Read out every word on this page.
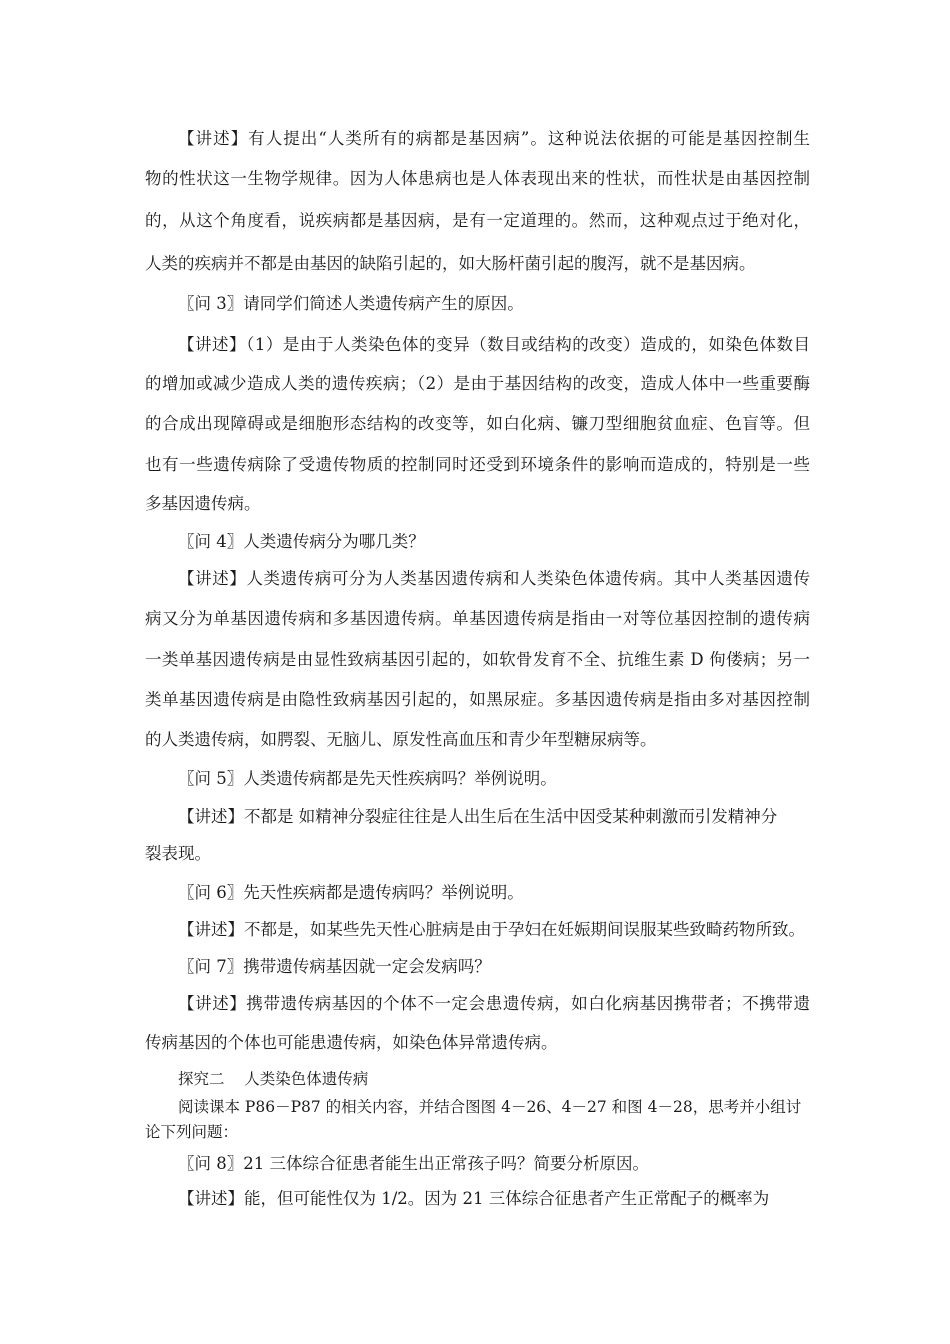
【讲述】有人提出“人类所有的病都是基因病”。这种说法依据的可能是基因控制生
物的性状这一生物学规律。因为人体患病也是人体表现出来的性状，而性状是由基因控制
的，从这个角度看，说疾病都是基因病，是有一定道理的。然而，这种观点过于绝对化，
人类的疾病并不都是由基因的缺陷引起的，如大肠杆菌引起的腹泻，就不是基因病。
〖问 3〗请同学们简述人类遗传病产生的原因。
【讲述】（1）是由于人类染色体的变异（数目或结构的改变）造成的，如染色体数目
的增加或减少造成人类的遗传疾病；（2）是由于基因结构的改变，造成人体中一些重要酶
的合成出现障碍或是细胞形态结构的改变等，如白化病、镰刀型细胞贫血症、色盲等。但
也有一些遗传病除了受遗传物质的控制同时还受到环境条件的影响而造成的，特别是一些
多基因遗传病。
〖问 4〗人类遗传病分为哪几类？
【讲述】人类遗传病可分为人类基因遗传病和人类染色体遗传病。其中人类基因遗传
病又分为单基因遗传病和多基因遗传病。单基因遗传病是指由一对等位基因控制的遗传病
一类单基因遗传病是由显性致病基因引起的，如软骨发育不全、抗维生素 D 佝偻病；另一
类单基因遗传病是由隐性致病基因引起的，如黑尿症。多基因遗传病是指由多对基因控制
的人类遗传病，如腭裂、无脑儿、原发性高血压和青少年型糖尿病等。
〖问 5〗人类遗传病都是先天性疾病吗？举例说明。
【讲述】不都是 如精神分裂症往往是人出生后在生活中因受某种刺激而引发精神分
裂表现。
〖问 6〗先天性疾病都是遗传病吗？举例说明。
【讲述】不都是，如某些先天性心脏病是由于孕妇在妊娠期间误服某些致畸药物所致。
〖问 7〗携带遗传病基因就一定会发病吗？
【讲述】携带遗传病基因的个体不一定会患遗传病，如白化病基因携带者；不携带遗
传病基因的个体也可能患遗传病，如染色体异常遗传病。
探究二    人类染色体遗传病
阅读课本 P86－P87 的相关内容，并结合图图 4－26、4－27 和图 4－28，思考并小组讨
论下列问题：
〖问 8〗21 三体综合征患者能生出正常孩子吗？简要分析原因。
【讲述】能，但可能性仅为 1/2。因为 21 三体综合征患者产生正常配子的概率为
